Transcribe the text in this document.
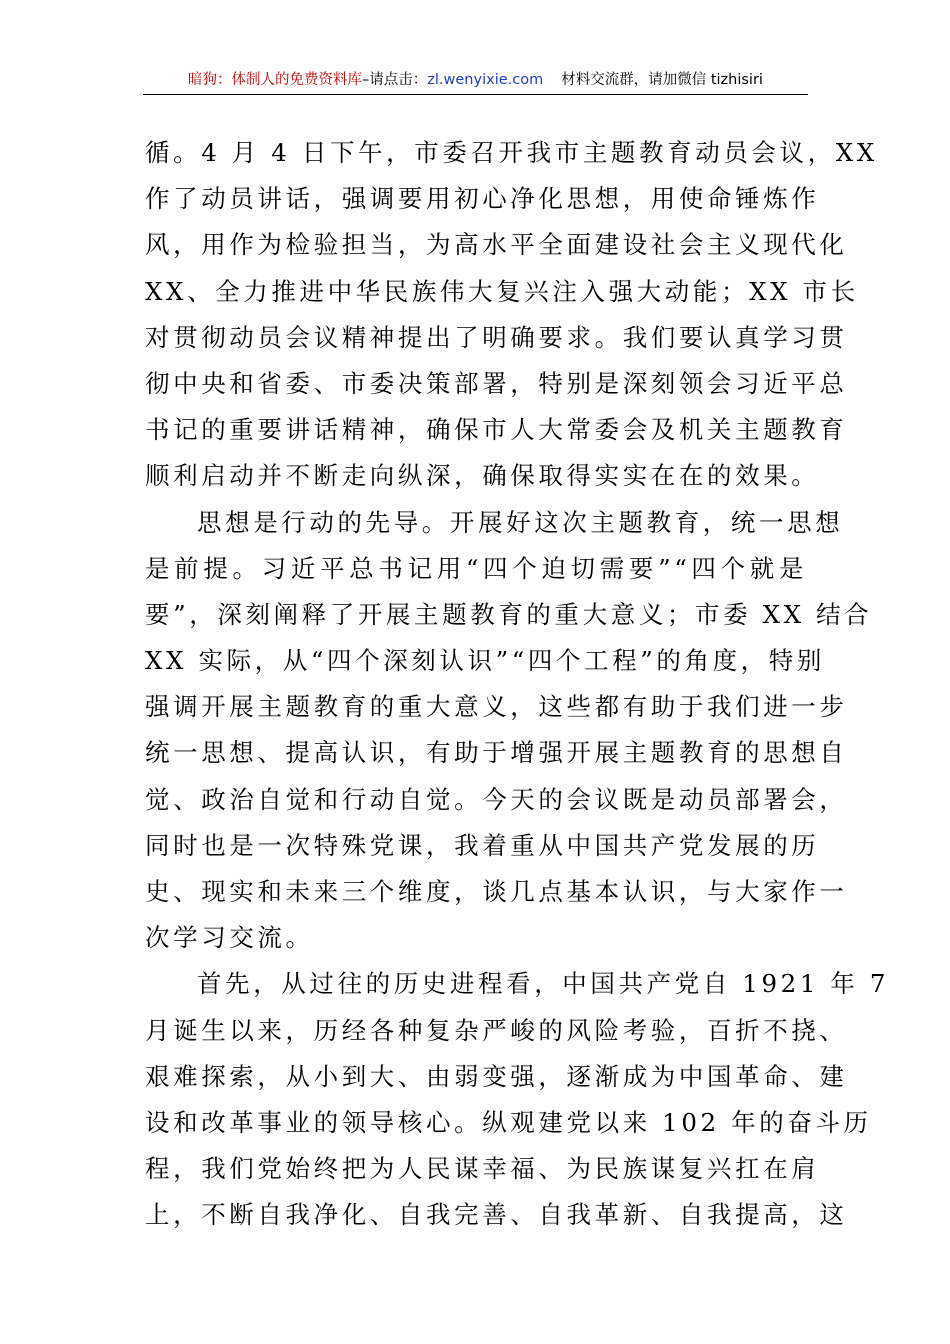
暗狗：体制人的免费资料库–请点击：zl.wenyixie.com 材料交流群，请加微信 tizhisiri
循。4 月 4 日下午，市委召开我市主题教育动员会议，XX
作了动员讲话，强调要用初心净化思想，用使命锤炼作
风，用作为检验担当，为高水平全面建设社会主义现代化
XX、全力推进中华民族伟大复兴注入强大动能；XX 市长
对贯彻动员会议精神提出了明确要求。我们要认真学习贯
彻中央和省委、市委决策部署，特别是深刻领会习近平总
书记的重要讲话精神，确保市人大常委会及机关主题教育
顺利启动并不断走向纵深，确保取得实实在在的效果。
思想是行动的先导。开展好这次主题教育，统一思想
是前提。习近平总书记用“四个迫切需要”“四个就是
要”，深刻阐释了开展主题教育的重大意义；市委 XX 结合
XX 实际，从“四个深刻认识”“四个工程”的角度，特别
强调开展主题教育的重大意义，这些都有助于我们进一步
统一思想、提高认识，有助于增强开展主题教育的思想自
觉、政治自觉和行动自觉。今天的会议既是动员部署会，
同时也是一次特殊党课，我着重从中国共产党发展的历
史、现实和未来三个维度，谈几点基本认识，与大家作一
次学习交流。
首先，从过往的历史进程看，中国共产党自 1921 年 7
月诞生以来，历经各种复杂严峻的风险考验，百折不挠、
艰难探索，从小到大、由弱变强，逐渐成为中国革命、建
设和改革事业的领导核心。纵观建党以来 102 年的奋斗历
程，我们党始终把为人民谋幸福、为民族谋复兴扛在肩
上，不断自我净化、自我完善、自我革新、自我提高，这
